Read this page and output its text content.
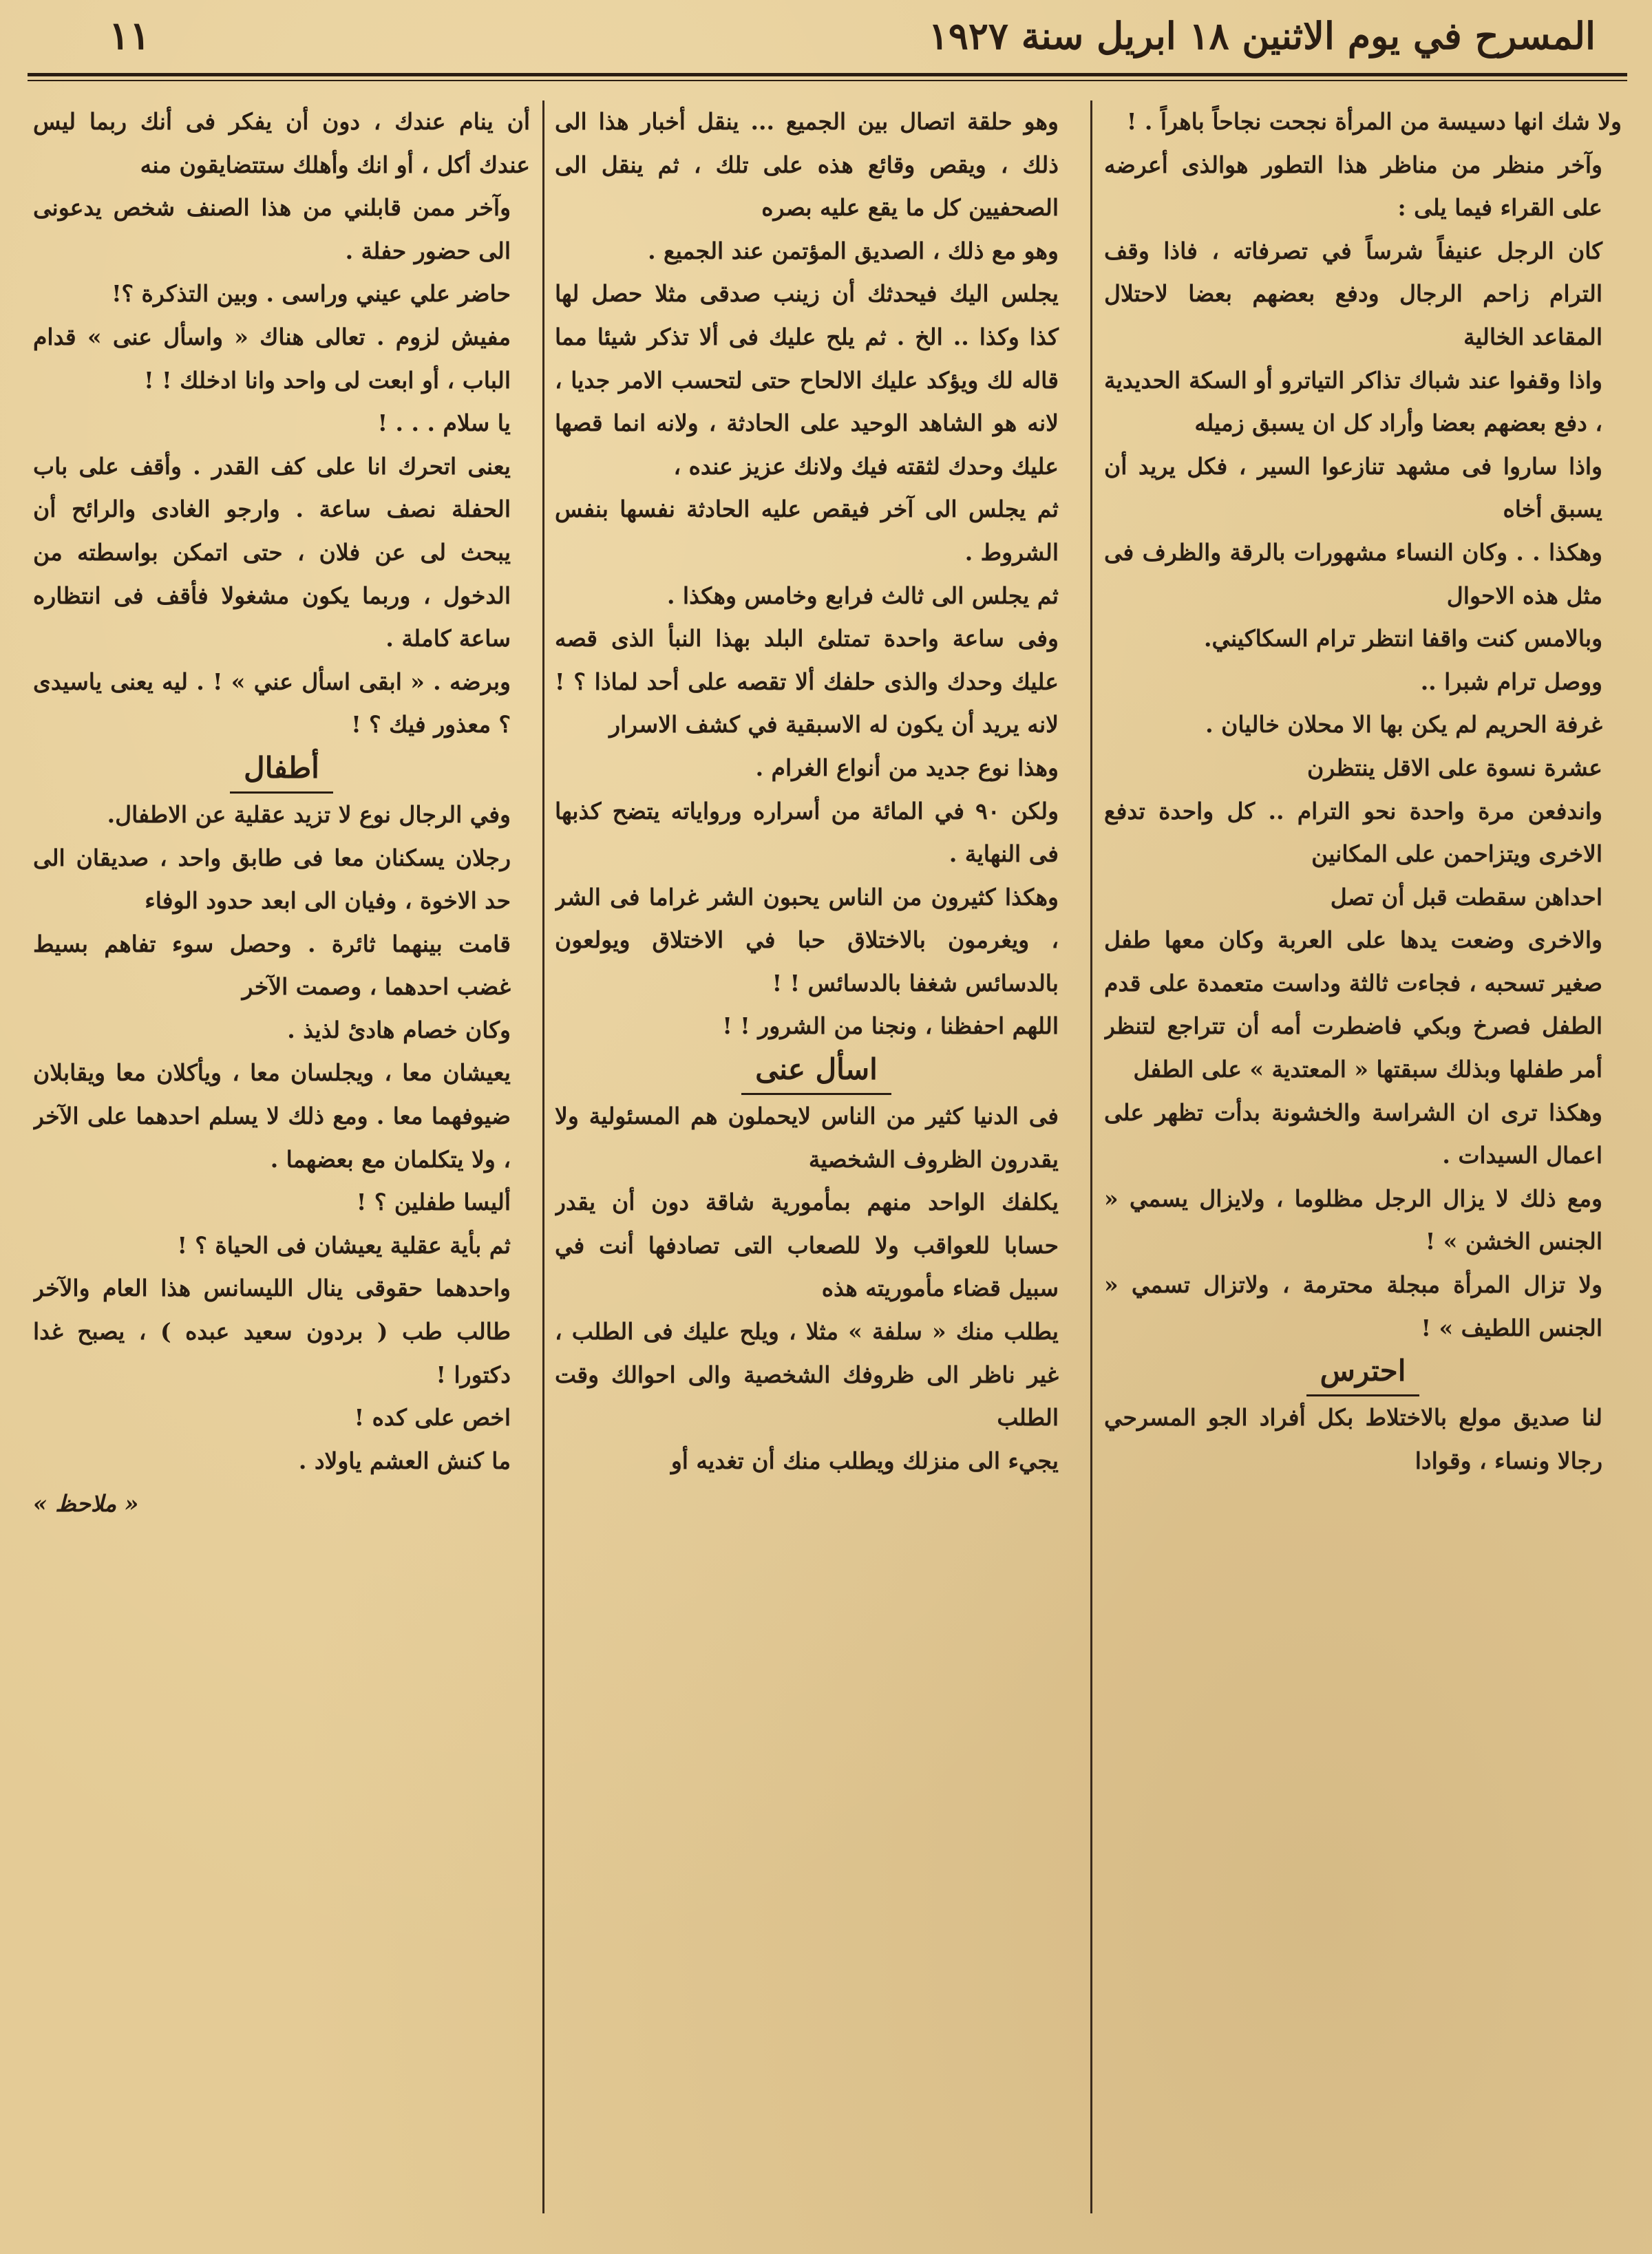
١١	المسرح في يوم الاثنين ١٨ ابريل سنة ١٩٢٧

ولا شك انها دسيسة من المرأة نجحت نجاحاً باهراً . !

وآخر منظر من مناظر هذا التطور هوالذى أعرضه على القراء فيما يلى :

كان الرجل عنيفاً شرساً في تصرفاته ، فاذا وقف الترام زاحم الرجال ودفع بعضهم بعضا لاحتلال المقاعد الخالية

واذا وقفوا عند شباك تذاكر التياترو أو السكة الحديدية ، دفع بعضهم بعضا وأراد كل ان يسبق زميله

واذا ساروا فى مشهد تنازعوا السير ، فكل يريد أن يسبق أخاه

وهكذا . . وكان النساء مشهورات بالرقة والظرف فى مثل هذه الاحوال

وبالامس كنت واقفا انتظر ترام السكاكيني.

ووصل ترام شبرا ..

غرفة الحريم لم يكن بها الا محلان خاليان .

عشرة نسوة على الاقل ينتظرن

واندفعن مرة واحدة نحو الترام .. كل واحدة تدفع الاخرى ويتزاحمن على المكانين

احداهن سقطت قبل أن تصل

والاخرى وضعت يدها على العربة وكان معها طفل صغير تسحبه ، فجاءت ثالثة وداست متعمدة على قدم الطفل فصرخ وبكي فاضطرت أمه أن تتراجع لتنظر أمر طفلها وبذلك سبقتها « المعتدية » على الطفل

وهكذا ترى ان الشراسة والخشونة بدأت تظهر على اعمال السيدات .

ومع ذلك لا يزال الرجل مظلوما ، ولايزال يسمي « الجنس الخشن » !

ولا تزال المرأة مبجلة محترمة ، ولاتزال تسمي « الجنس اللطيف » !

احترس

لنا صديق مولع بالاختلاط بكل أفراد الجو المسرحي رجالا ونساء ، وقوادا

وهو حلقة اتصال بين الجميع ... ينقل أخبار هذا الى ذلك ، ويقص وقائع هذه على تلك ، ثم ينقل الى الصحفيين كل ما يقع عليه بصره

وهو مع ذلك ، الصديق المؤتمن عند الجميع .

يجلس اليك فيحدثك أن زينب صدقى مثلا حصل لها كذا وكذا .. الخ . ثم يلح عليك فى ألا تذكر شيئا مما قاله لك ويؤكد عليك الالحاح حتى لتحسب الامر جديا ، لانه هو الشاهد الوحيد على الحادثة ، ولانه انما قصها عليك وحدك لثقته فيك ولانك عزيز عنده ،

ثم يجلس الى آخر فيقص عليه الحادثة نفسها بنفس الشروط .

ثم يجلس الى ثالث فرابع وخامس وهكذا .

وفى ساعة واحدة تمتلئ البلد بهذا النبأ الذى قصه عليك وحدك والذى حلفك ألا تقصه على أحد لماذا ؟ ! لانه يريد أن يكون له الاسبقية في كشف الاسرار

وهذا نوع جديد من أنواع الغرام .

ولكن ٩٠ في المائة من أسراره ورواياته يتضح كذبها فى النهاية .

وهكذا كثيرون من الناس يحبون الشر غراما فى الشر ، ويغرمون بالاختلاق حبا في الاختلاق ويولعون بالدسائس شغفا بالدسائس ! !

اللهم احفظنا ، ونجنا من الشرور ! !

اسأل عنى

فى الدنيا كثير من الناس لايحملون هم المسئولية ولا يقدرون الظروف الشخصية

يكلفك الواحد منهم بمأمورية شاقة دون أن يقدر حسابا للعواقب ولا للصعاب التى تصادفها أنت في سبيل قضاء مأموريته هذه

يطلب منك « سلفة » مثلا ، ويلح عليك فى الطلب ، غير ناظر الى ظروفك الشخصية والى احوالك وقت الطلب

يجيء الى منزلك ويطلب منك أن تغديه أو

أن ينام عندك ، دون أن يفكر فى أنك ربما ليس عندك أكل ، أو انك وأهلك ستتضايقون منه

وآخر ممن قابلني من هذا الصنف شخص يدعونى الى حضور حفلة .

حاضر علي عيني وراسى . وبين التذكرة ؟!

مفيش لزوم . تعالى هناك « واسأل عنى » قدام الباب ، أو ابعت لى واحد وانا ادخلك ! !

يا سلام . . . !

يعنى اتحرك انا على كف القدر . وأقف على باب الحفلة نصف ساعة . وارجو الغادى والرائح أن يبحث لى عن فلان ، حتى اتمكن بواسطته من الدخول ، وربما يكون مشغولا فأقف فى انتظاره ساعة كاملة .

وبرضه . « ابقى اسأل عني » ! . ليه يعنى ياسيدى ؟ معذور فيك ؟ !

أطفال

وفي الرجال نوع لا تزيد عقلية عن الاطفال.

رجلان يسكنان معا فى طابق واحد ، صديقان الى حد الاخوة ، وفيان الى ابعد حدود الوفاء

قامت بينهما ثائرة . وحصل سوء تفاهم بسيط غضب احدهما ، وصمت الآخر

وكان خصام هادئ لذيذ .

يعيشان معا ، ويجلسان معا ، ويأكلان معا ويقابلان ضيوفهما معا . ومع ذلك لا يسلم احدهما على الآخر ، ولا يتكلمان مع بعضهما .

أليسا طفلين ؟ !

ثم بأية عقلية يعيشان فى الحياة ؟ !

واحدهما حقوقى ينال الليسانس هذا العام والآخر طالب طب ( بردون سعيد عبده ) ، يصبح غدا دكتورا !

اخص على كده !

ما كنش العشم ياولاد .

« ملاحظ »
